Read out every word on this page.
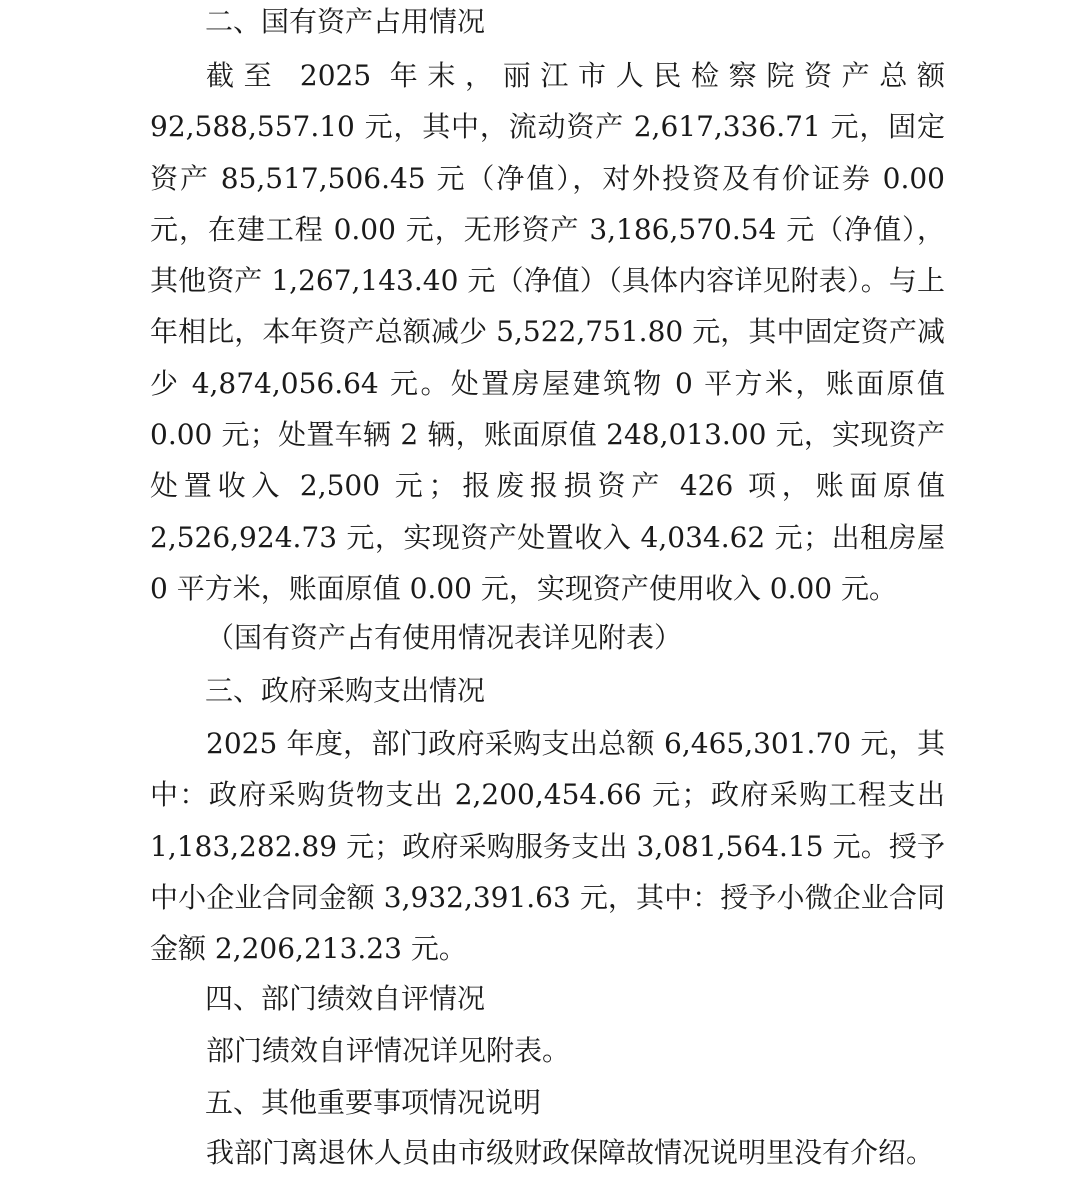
二、国有资产占用情况

截至 2025 年末，丽江市人民检察院资产总额 92,588,557.10 元，其中，流动资产 2,617,336.71 元，固定资产 85,517,506.45 元（净值），对外投资及有价证券 0.00 元，在建工程 0.00 元，无形资产 3,186,570.54 元（净值），其他资产 1,267,143.40 元（净值）（具体内容详见附表）。与上年相比，本年资产总额减少 5,522,751.80 元，其中固定资产减少 4,874,056.64 元。处置房屋建筑物 0 平方米，账面原值 0.00 元；处置车辆 2 辆，账面原值 248,013.00 元，实现资产处置收入 2,500 元；报废报损资产 426 项，账面原值 2,526,924.73 元，实现资产处置收入 4,034.62 元；出租房屋 0 平方米，账面原值 0.00 元，实现资产使用收入 0.00 元。

（国有资产占有使用情况表详见附表）

三、政府采购支出情况

2025 年度，部门政府采购支出总额 6,465,301.70 元，其中：政府采购货物支出 2,200,454.66 元；政府采购工程支出 1,183,282.89 元；政府采购服务支出 3,081,564.15 元。授予中小企业合同金额 3,932,391.63 元，其中：授予小微企业合同金额 2,206,213.23 元。

四、部门绩效自评情况

部门绩效自评情况详见附表。

五、其他重要事项情况说明

我部门离退休人员由市级财政保障故情况说明里没有介绍。
